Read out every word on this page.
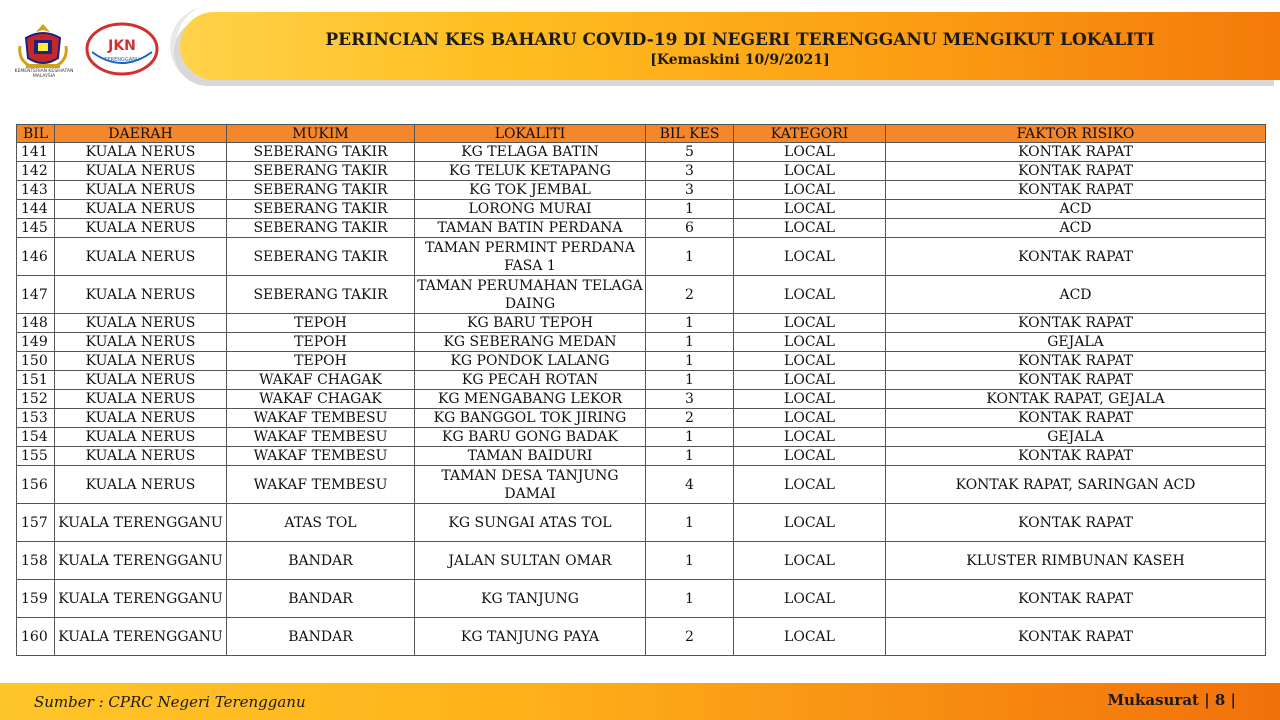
KEMENTERIAN KESIHATAN MALAYSIA
JKN
TERENGGANU
PERINCIAN KES BAHARU COVID-19 DI NEGERI TERENGGANU MENGIKUT LOKALITI
[Kemaskini 10/9/2021]
BIL	DAERAH	MUKIM	LOKALITI	BIL KES	KATEGORI	FAKTOR RISIKO
141	KUALA NERUS	SEBERANG TAKIR	KG TELAGA BATIN	5	LOCAL	KONTAK RAPAT
142	KUALA NERUS	SEBERANG TAKIR	KG TELUK KETAPANG	3	LOCAL	KONTAK RAPAT
143	KUALA NERUS	SEBERANG TAKIR	KG TOK JEMBAL	3	LOCAL	KONTAK RAPAT
144	KUALA NERUS	SEBERANG TAKIR	LORONG MURAI	1	LOCAL	ACD
145	KUALA NERUS	SEBERANG TAKIR	TAMAN BATIN PERDANA	6	LOCAL	ACD
146	KUALA NERUS	SEBERANG TAKIR	TAMAN PERMINT PERDANA FASA 1	1	LOCAL	KONTAK RAPAT
147	KUALA NERUS	SEBERANG TAKIR	TAMAN PERUMAHAN TELAGA DAING	2	LOCAL	ACD
148	KUALA NERUS	TEPOH	KG BARU TEPOH	1	LOCAL	KONTAK RAPAT
149	KUALA NERUS	TEPOH	KG SEBERANG MEDAN	1	LOCAL	GEJALA
150	KUALA NERUS	TEPOH	KG PONDOK LALANG	1	LOCAL	KONTAK RAPAT
151	KUALA NERUS	WAKAF CHAGAK	KG PECAH ROTAN	1	LOCAL	KONTAK RAPAT
152	KUALA NERUS	WAKAF CHAGAK	KG MENGABANG LEKOR	3	LOCAL	KONTAK RAPAT, GEJALA
153	KUALA NERUS	WAKAF TEMBESU	KG BANGGOL TOK JIRING	2	LOCAL	KONTAK RAPAT
154	KUALA NERUS	WAKAF TEMBESU	KG BARU GONG BADAK	1	LOCAL	GEJALA
155	KUALA NERUS	WAKAF TEMBESU	TAMAN BAIDURI	1	LOCAL	KONTAK RAPAT
156	KUALA NERUS	WAKAF TEMBESU	TAMAN DESA TANJUNG DAMAI	4	LOCAL	KONTAK RAPAT, SARINGAN ACD
157	KUALA TERENGGANU	ATAS TOL	KG SUNGAI ATAS TOL	1	LOCAL	KONTAK RAPAT
158	KUALA TERENGGANU	BANDAR	JALAN SULTAN OMAR	1	LOCAL	KLUSTER RIMBUNAN KASEH
159	KUALA TERENGGANU	BANDAR	KG TANJUNG	1	LOCAL	KONTAK RAPAT
160	KUALA TERENGGANU	BANDAR	KG TANJUNG PAYA	2	LOCAL	KONTAK RAPAT
Sumber : CPRC Negeri Terengganu	Mukasurat | 8 |
